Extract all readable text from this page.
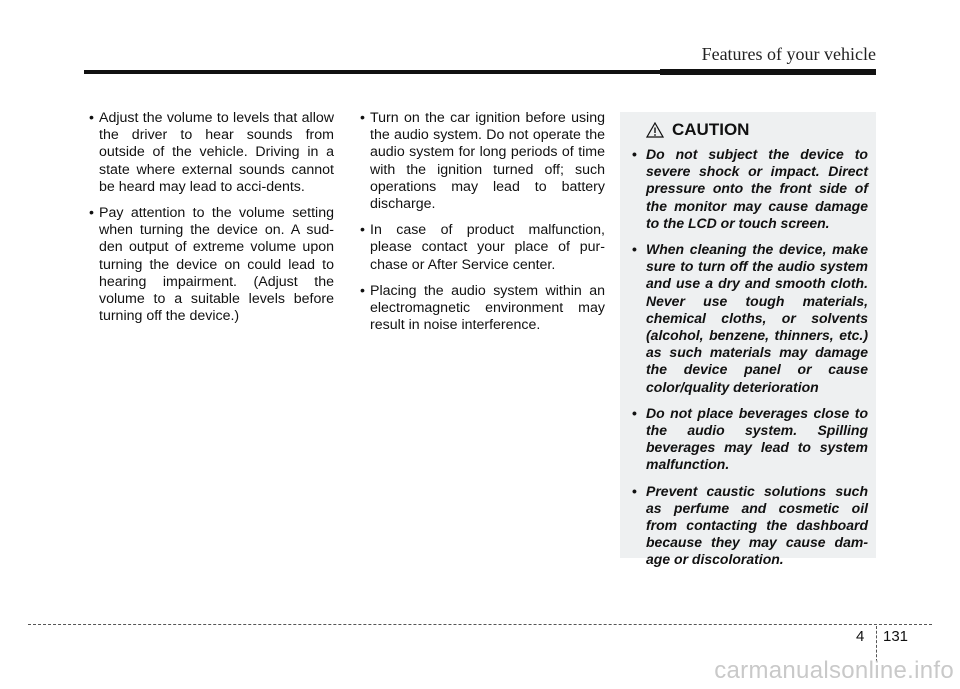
Features of your vehicle
• Adjust the volume to levels that allow the driver to hear sounds from outside of the vehicle. Driving in a state where external sounds cannot be heard may lead to acci-dents.
• Pay attention to the volume setting when turning the device on. A sud-den output of extreme volume upon turning the device on could lead to hearing impairment. (Adjust the volume to a suitable levels before turning off the device.)
• Turn on the car ignition before using the audio system. Do not operate the audio system for long periods of time with the ignition turned off; such operations may lead to battery discharge.
• In case of product malfunction, please contact your place of pur-chase or After Service center.
• Placing the audio system within an electromagnetic environment may result in noise interference.
CAUTION
• Do not subject the device to severe shock or impact. Direct pressure onto the front side of the monitor may cause damage to the LCD or touch screen.
• When cleaning the device, make sure to turn off the audio system and use a dry and smooth cloth. Never use tough materials, chemical cloths, or solvents (alcohol, benzene, thinners, etc.) as such materials may damage the device panel or cause color/quality deterioration
• Do not place beverages close to the audio system. Spilling beverages may lead to system malfunction.
• Prevent caustic solutions such as perfume and cosmetic oil from contacting the dashboard because they may cause dam-age or discoloration.
4 131
carmanualsonline.info
